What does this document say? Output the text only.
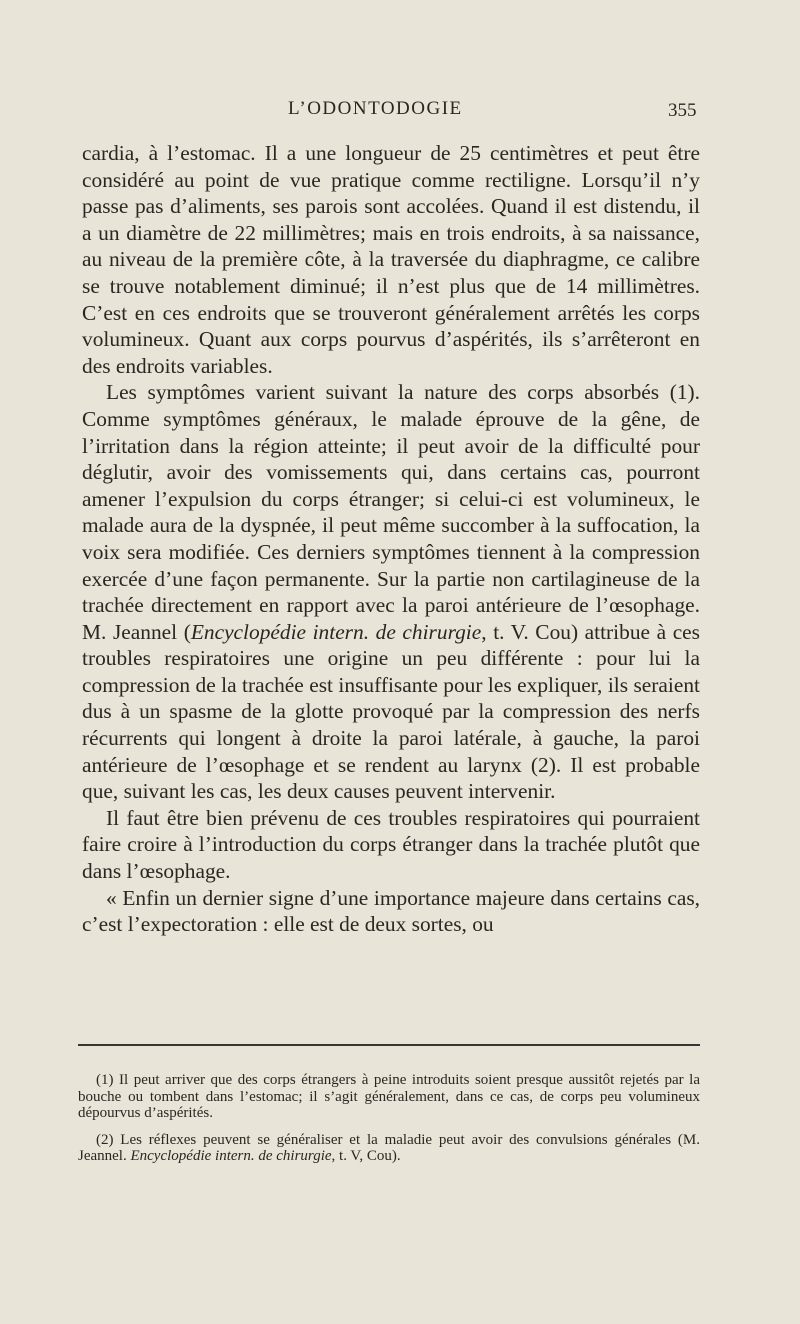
L’ODONTODOGIE	355

cardia, à l’estomac. Il a une longueur de 25 centimètres et peut être considéré au point de vue pratique comme rectiligne. Lorsqu’il n’y passe pas d’aliments, ses parois sont accolées. Quand il est distendu, il a un diamètre de 22 millimètres; mais en trois endroits, à sa naissance, au niveau de la première côte, à la traversée du diaphragme, ce calibre se trouve notablement diminué; il n’est plus que de 14 millimètres. C’est en ces endroits que se trouveront généralement arrêtés les corps volumineux. Quant aux corps pourvus d’aspérités, ils s’arrêteront en des endroits variables.

Les symptômes varient suivant la nature des corps absorbés (1). Comme symptômes généraux, le malade éprouve de la gêne, de l’irritation dans la région atteinte; il peut avoir de la difficulté pour déglutir, avoir des vomissements qui, dans certains cas, pourront amener l’expulsion du corps étranger; si celui-ci est volumineux, le malade aura de la dyspnée, il peut même succomber à la suffocation, la voix sera modifiée. Ces derniers symptômes tiennent à la compression exercée d’une façon permanente. Sur la partie non cartilagineuse de la trachée directement en rapport avec la paroi antérieure de l’œsophage. M. Jeannel (Encyclopédie intern. de chirurgie, t. V. Cou) attribue à ces troubles respiratoires une origine un peu différente : pour lui la compression de la trachée est insuffisante pour les expliquer, ils seraient dus à un spasme de la glotte provoqué par la compression des nerfs récurrents qui longent à droite la paroi latérale, à gauche, la paroi antérieure de l’œsophage et se rendent au larynx (2). Il est probable que, suivant les cas, les deux causes peuvent intervenir.

Il faut être bien prévenu de ces troubles respiratoires qui pourraient faire croire à l’introduction du corps étranger dans la trachée plutôt que dans l’œsophage.

« Enfin un dernier signe d’une importance majeure dans certains cas, c’est l’expectoration : elle est de deux sortes, ou

(1) Il peut arriver que des corps étrangers à peine introduits soient presque aussitôt rejetés par la bouche ou tombent dans l’estomac; il s’agit généralement, dans ce cas, de corps peu volumineux dépourvus d’aspérités.

(2) Les réflexes peuvent se généraliser et la maladie peut avoir des convulsions générales (M. Jeannel. Encyclopédie intern. de chirurgie, t. V, Cou).
